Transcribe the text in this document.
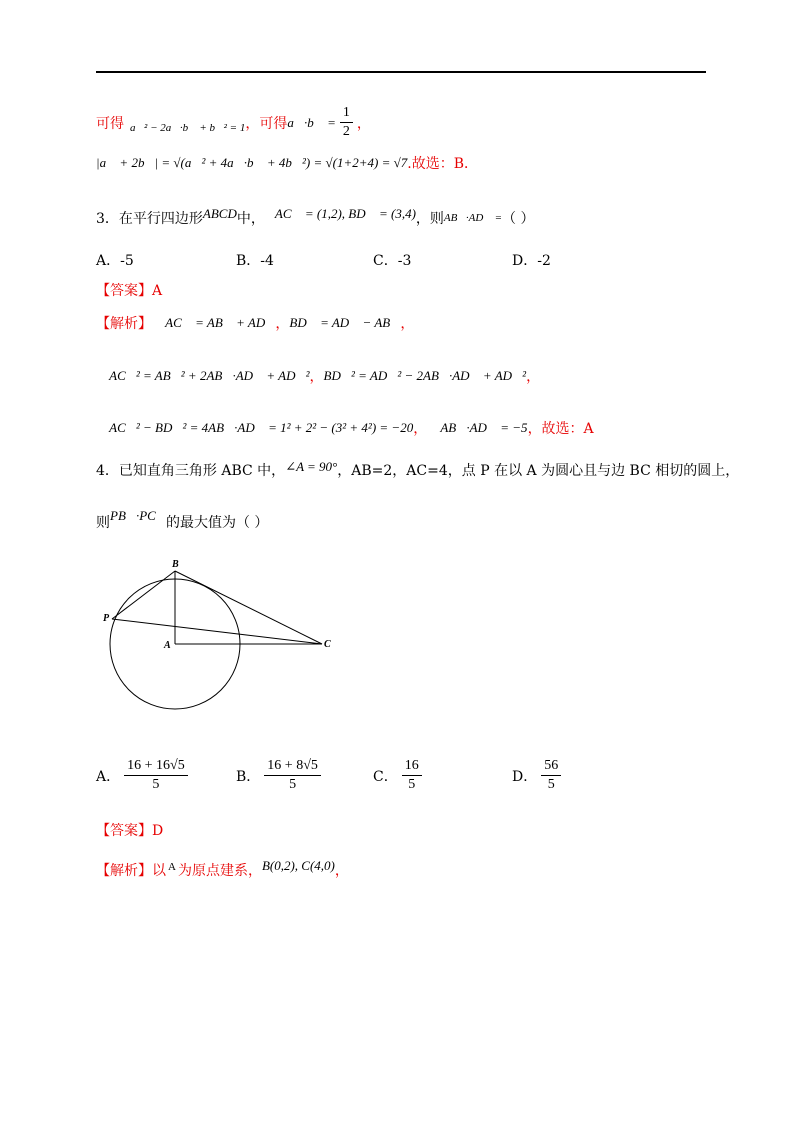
可得 a⃗² − 2a⃗·b⃗ + b⃗² = 1 ，可得 a⃗·b⃗ = $\frac{1}{2}$ ，
|a⃗ + 2b⃗| = √(a⃗² + 4a⃗·b⃗ + 4b⃗²) = √(1+2+4) = √7 .故选：B．
3．在平行四边形 ABCD 中， AC⃗ = (1,2), BD⃗ = (3,4) ，则 AB⃗·AD⃗ = （ ）
A．-5	B．-4	C．-3	D．-2
【答案】A
【解析】 ∵ AC⃗ = AB⃗ + AD⃗ ， BD⃗ = AD⃗ − AB⃗ ，
∴ AC⃗² = AB⃗² + 2AB⃗·AD⃗ + AD⃗² ， BD⃗² = AD⃗² − 2AB⃗·AD⃗ + AD⃗² ，
∴ AC⃗² − BD⃗² = 4AB⃗·AD⃗ = 1² + 2² − (3² + 4²) = −20 ， ∴ AB⃗·AD⃗ = −5 ，故选：A
4．已知直角三角形 ABC 中， ∠A = 90° ，AB=2，AC=4，点 P 在以 A 为圆心且与边 BC 相切的圆上，
则 PB⃗·PC⃗ 的最大值为（ ）
B
P
A	C
A． $\frac{16 + 16√5}{5}$	B． $\frac{16 + 8√5}{5}$	C． $\frac{16}{5}$	D． $\frac{56}{5}$
【答案】D
【解析】以 A 为原点建系， B(0,2), C(4,0) ，
